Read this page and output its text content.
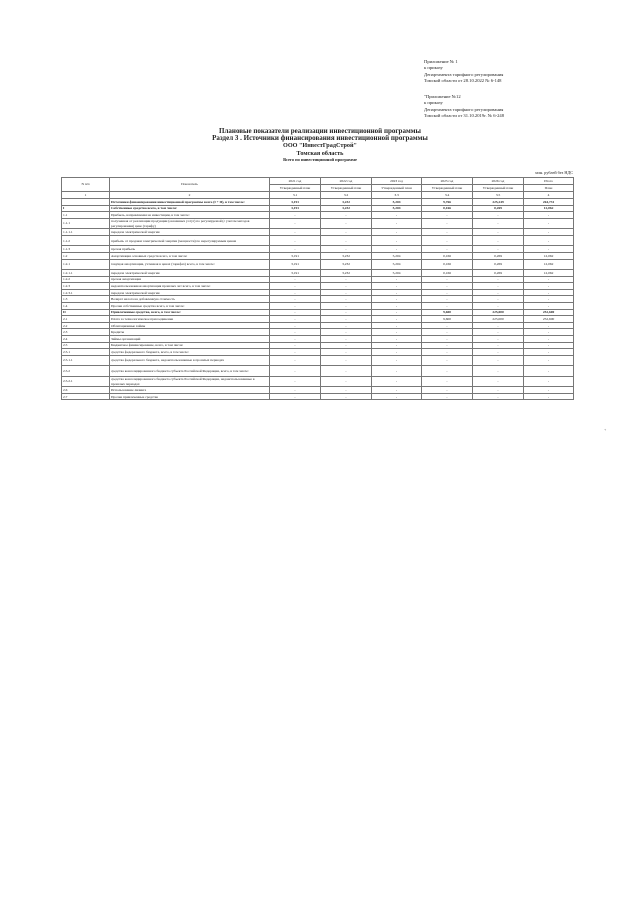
Приложение № 1
к приказу
Департамента тарифного регулирования
Томской области от 28.10.2022 № 6-148
"Приложение №12
к приказу
Департамента тарифного регулирования
Томской области от 31.10.2019г. № 6-248
Плановые показатели реализации инвестиционной программы
Раздел 3 . Источники финансирования инвестиционной программы
ООО "ИнвестГрадСтрой"
Томская область
Всего по инвестиционной программе
млн. рублей без НДС
N п/п	Показатель	2021 год	2022 год	2023 год	2025 год	2026 год	Итого
		Утвержденный план	Утвержденный план	Утвержденный план	Утвержденный план	Утвержденный план	План
1	2	3.1	3.2	3.3	3.4	3.5	4
	Источники финансирования инвестиционной программы всего (I + II), в том числе:	3,191	3,232	5,204	9,766	225,249	264,731
I	Собственные средства всего, в том числе:	3,191	3,232	5,204	0,166	0,269	12,062
1.1	Прибыль, направляемая на инвестиции, в том числе:	-	-	-	-	-	-
1.1.1	полученная от реализации продукции (оказанных услуг) по регулируемой (с учетом методов регулирования) цене (тарифу)	-	-	-	-	-	-
1.1.1.1	передача электрической энергии	-	-	-	-	-	-
1.1.2	прибыль от продажи электрической энергии (мощности) по нерегулируемым ценам	-	-	-	-	-	-
1.1.3	прочая прибыль	-	-	-	-	-	-
1.2	Амортизация основных средств всего, в том числе:	3,191	3,232	5,204	0,166	0,269	12,062
1.2.1	текущая амортизация, учтенная в ценах (тарифах) всего, в том числе:	3,191	3,232	5,204	0,166	0,269	12,062
1.2.1.1	передача электрической энергии	3,191	3,232	5,204	0,166	0,269	12,062
1.2.2	прочая амортизация	-	-	-	-	-	-
1.2.3	недоиспользованная амортизация прошлых лет всего, в том числе:	-	-	-	-	-	-
1.2.3.1	передача электрической энергии	-	-	-	-	-	-
1.3	Возврат налога на добавленную стоимость	-	-	-	-	-	-
1.4	Прочие собственные средства всего, в том числе:	-	-	-	-	-	-
II	Привлеченные средства, всего, в том числе:	-	-	-	9,600	225,000	252,600
2.1	Плата за технологическое присоединение	-	-	-	9,600	225,000	252,600
2.2	Облигационные займы	-	-	-	-	-	-
2.3	Кредиты	-	-	-	-	-	-
2.4	Займы организаций	-	-	-	-	-	-
2.5	Бюджетное финансирование, всего, в том числе:	-	-	-	-	-	-
2.5.1	средства федерального бюджета, всего, в том числе:	-	-	-	-	-	-
2.5.1.1	средства федерального бюджета, недоиспользованные в прошлых периодах	-	-	-	-	-	-
2.5.2	средства консолидированного бюджета субъекта Российской Федерации, всего, в том числе:	-	-	-	-	-	-
2.5.2.1	средства консолидированного бюджета субъекта Российской Федерации, недоиспользованные в прошлых периодах	-	-	-	-	-	-
2.6	Использование лизинга	-	-	-	-	-	-
2.7	Прочие привлеченные средства	-	-	-	-	-	-
+
